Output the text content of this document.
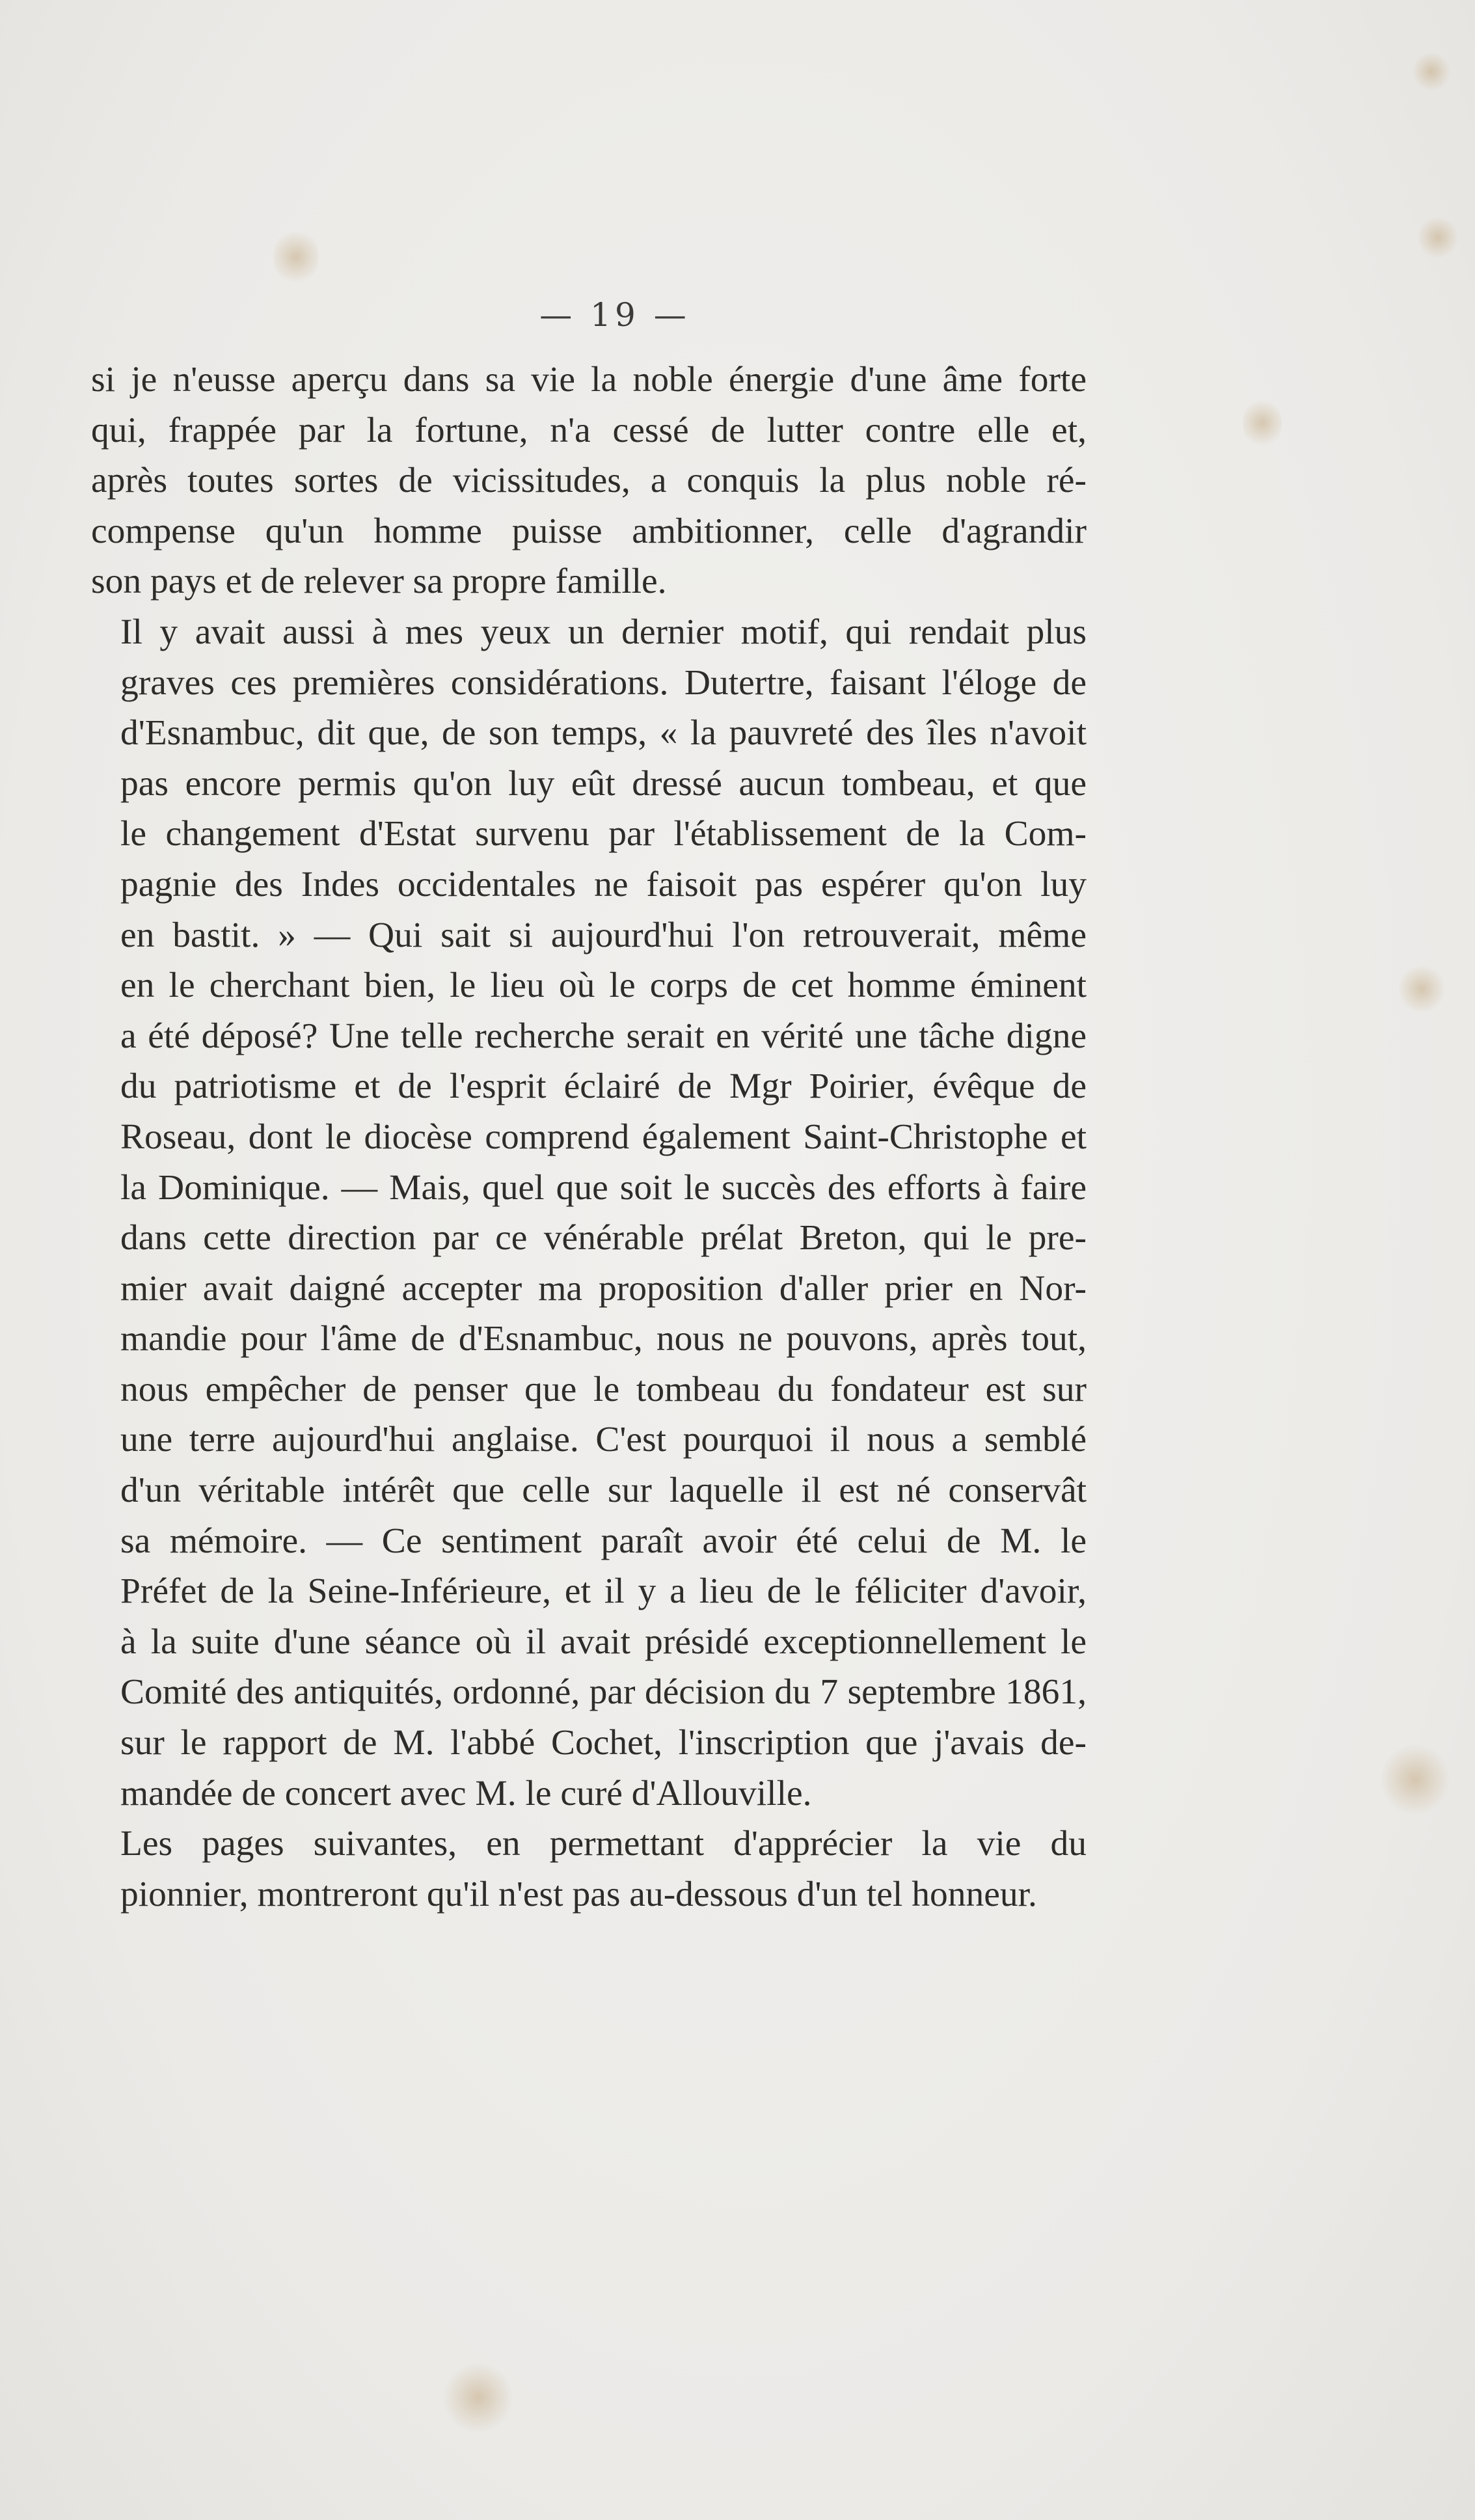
— 19 —

si je n'eusse aperçu dans sa vie la noble énergie d'une âme forte
qui, frappée par la fortune, n'a cessé de lutter contre elle et,
après toutes sortes de vicissitudes, a conquis la plus noble ré-
compense qu'un homme puisse ambitionner, celle d'agrandir
son pays et de relever sa propre famille.

Il y avait aussi à mes yeux un dernier motif, qui rendait plus
graves ces premières considérations. Dutertre, faisant l'éloge de
d'Esnambuc, dit que, de son temps, « la pauvreté des îles n'avoit
pas encore permis qu'on luy eût dressé aucun tombeau, et que
le changement d'Estat survenu par l'établissement de la Com-
pagnie des Indes occidentales ne faisoit pas espérer qu'on luy
en bastit. » — Qui sait si aujourd'hui l'on retrouverait, même
en le cherchant bien, le lieu où le corps de cet homme éminent
a été déposé? Une telle recherche serait en vérité une tâche digne
du patriotisme et de l'esprit éclairé de Mgr Poirier, évêque de
Roseau, dont le diocèse comprend également Saint-Christophe et
la Dominique. — Mais, quel que soit le succès des efforts à faire
dans cette direction par ce vénérable prélat Breton, qui le pre-
mier avait daigné accepter ma proposition d'aller prier en Nor-
mandie pour l'âme de d'Esnambuc, nous ne pouvons, après tout,
nous empêcher de penser que le tombeau du fondateur est sur
une terre aujourd'hui anglaise. C'est pourquoi il nous a semblé
d'un véritable intérêt que celle sur laquelle il est né conservât
sa mémoire. — Ce sentiment paraît avoir été celui de M. le
Préfet de la Seine-Inférieure, et il y a lieu de le féliciter d'avoir,
à la suite d'une séance où il avait présidé exceptionnellement le
Comité des antiquités, ordonné, par décision du 7 septembre 1861,
sur le rapport de M. l'abbé Cochet, l'inscription que j'avais de-
mandée de concert avec M. le curé d'Allouville.

Les pages suivantes, en permettant d'apprécier la vie du
pionnier, montreront qu'il n'est pas au-dessous d'un tel honneur.
